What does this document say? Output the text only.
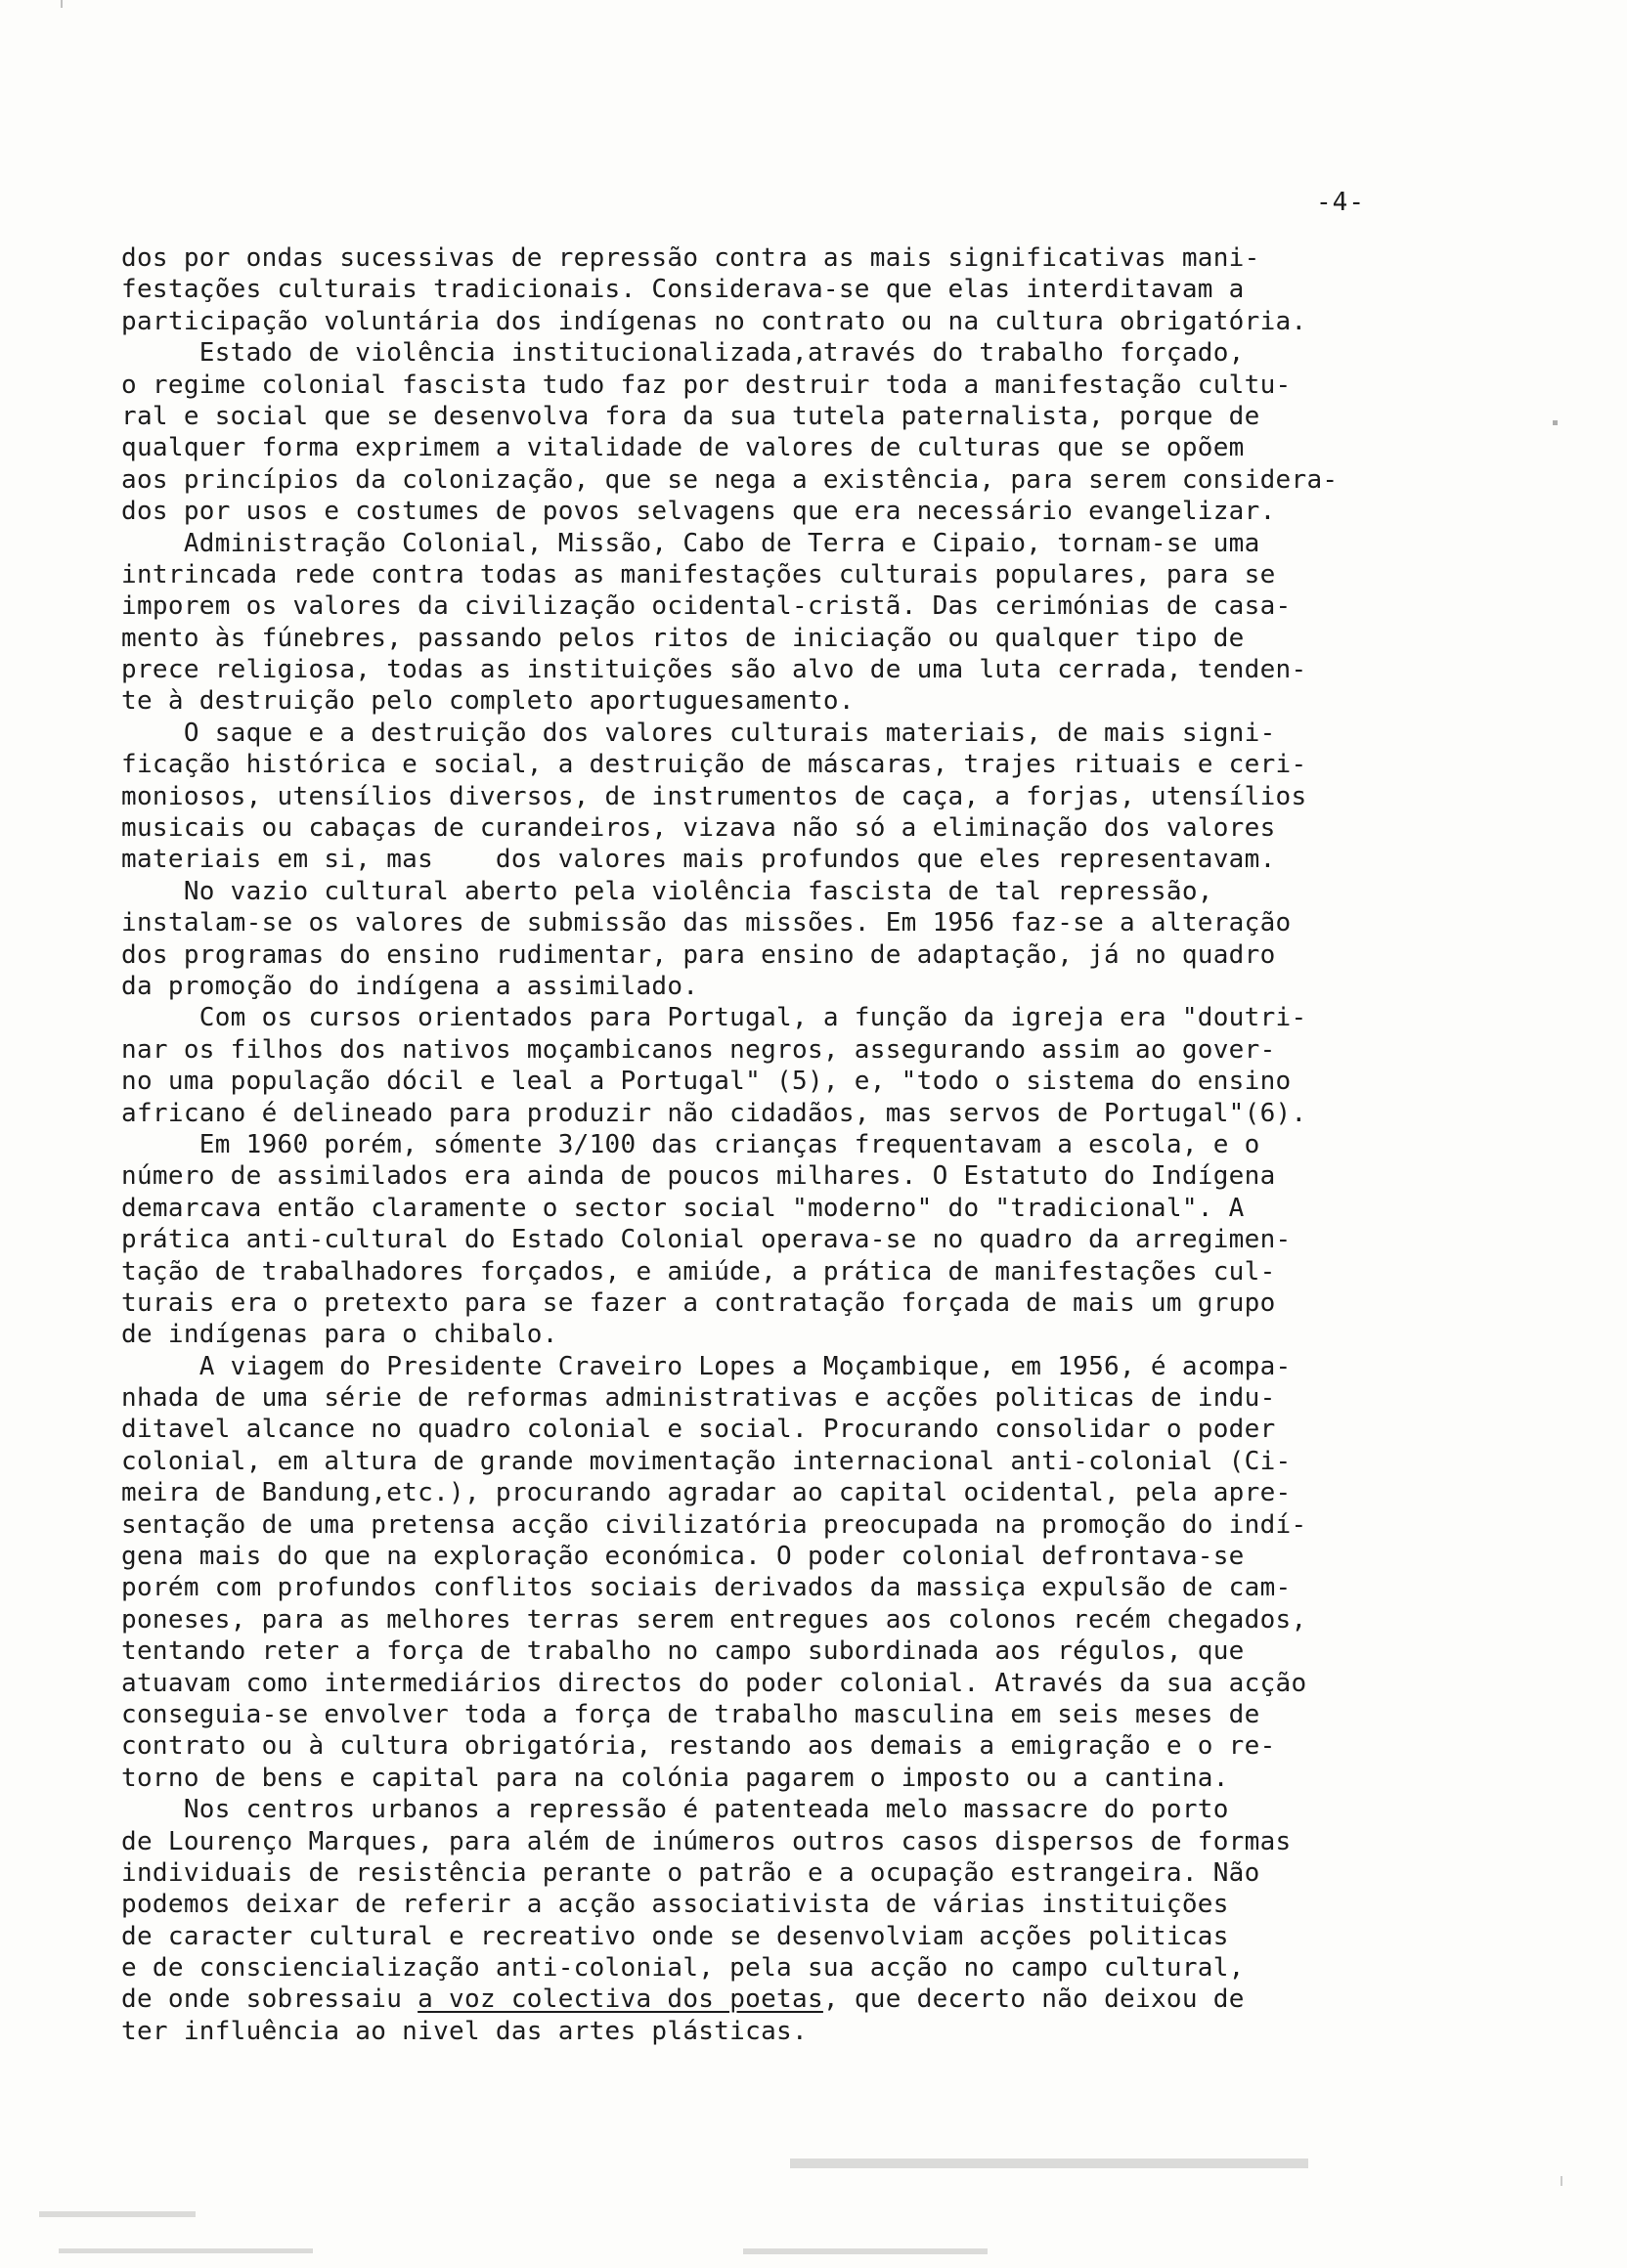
-4-
dos por ondas sucessivas de repressão contra as mais significativas mani-
festações culturais tradicionais. Considerava-se que elas interditavam a
participação voluntária dos indígenas no contrato ou na cultura obrigatória.
Estado de violência institucionalizada,através do trabalho forçado,
o regime colonial fascista tudo faz por destruir toda a manifestação cultu-
ral e social que se desenvolva fora da sua tutela paternalista, porque de
qualquer forma exprimem a vitalidade de valores de culturas que se opõem
aos princípios da colonização, que se nega a existência, para serem considera-
dos por usos e costumes de povos selvagens que era necessário evangelizar.
Administração Colonial, Missão, Cabo de Terra e Cipaio, tornam-se uma
intrincada rede contra todas as manifestações culturais populares, para se
imporem os valores da civilização ocidental-cristã. Das cerimónias de casa-
mento às fúnebres, passando pelos ritos de iniciação ou qualquer tipo de
prece religiosa, todas as instituições são alvo de uma luta cerrada, tenden-
te à destruição pelo completo aportuguesamento.
O saque e a destruição dos valores culturais materiais, de mais signi-
ficação histórica e social, a destruição de máscaras, trajes rituais e ceri-
moniosos, utensílios diversos, de instrumentos de caça, a forjas, utensílios
musicais ou cabaças de curandeiros, vizava não só a eliminação dos valores
materiais em si, mas    dos valores mais profundos que eles representavam.
No vazio cultural aberto pela violência fascista de tal repressão,
instalam-se os valores de submissão das missões. Em 1956 faz-se a alteração
dos programas do ensino rudimentar, para ensino de adaptação, já no quadro
da promoção do indígena a assimilado.
Com os cursos orientados para Portugal, a função da igreja era "doutri-
nar os filhos dos nativos moçambicanos negros, assegurando assim ao gover-
no uma população dócil e leal a Portugal" (5), e, "todo o sistema do ensino
africano é delineado para produzir não cidadãos, mas servos de Portugal"(6).
Em 1960 porém, sómente 3/100 das crianças frequentavam a escola, e o
número de assimilados era ainda de poucos milhares. O Estatuto do Indígena
demarcava então claramente o sector social "moderno" do "tradicional". A
prática anti-cultural do Estado Colonial operava-se no quadro da arregimen-
tação de trabalhadores forçados, e amiúde, a prática de manifestações cul-
turais era o pretexto para se fazer a contratação forçada de mais um grupo
de indígenas para o chibalo.
A viagem do Presidente Craveiro Lopes a Moçambique, em 1956, é acompa-
nhada de uma série de reformas administrativas e acções politicas de indu-
ditavel alcance no quadro colonial e social. Procurando consolidar o poder
colonial, em altura de grande movimentação internacional anti-colonial (Ci-
meira de Bandung,etc.), procurando agradar ao capital ocidental, pela apre-
sentação de uma pretensa acção civilizatória preocupada na promoção do indí-
gena mais do que na exploração económica. O poder colonial defrontava-se
porém com profundos conflitos sociais derivados da massiça expulsão de cam-
poneses, para as melhores terras serem entregues aos colonos recém chegados,
tentando reter a força de trabalho no campo subordinada aos régulos, que
atuavam como intermediários directos do poder colonial. Através da sua acção
conseguia-se envolver toda a força de trabalho masculina em seis meses de
contrato ou à cultura obrigatória, restando aos demais a emigração e o re-
torno de bens e capital para na colónia pagarem o imposto ou a cantina.
Nos centros urbanos a repressão é patenteada melo massacre do porto
de Lourenço Marques, para além de inúmeros outros casos dispersos de formas
individuais de resistência perante o patrão e a ocupação estrangeira. Não
podemos deixar de referir a acção associativista de várias instituições
de caracter cultural e recreativo onde se desenvolviam acções politicas
e de consciencialização anti-colonial, pela sua acção no campo cultural,
de onde sobressaiu a voz colectiva dos poetas, que decerto não deixou de
ter influência ao nivel das artes plásticas.
